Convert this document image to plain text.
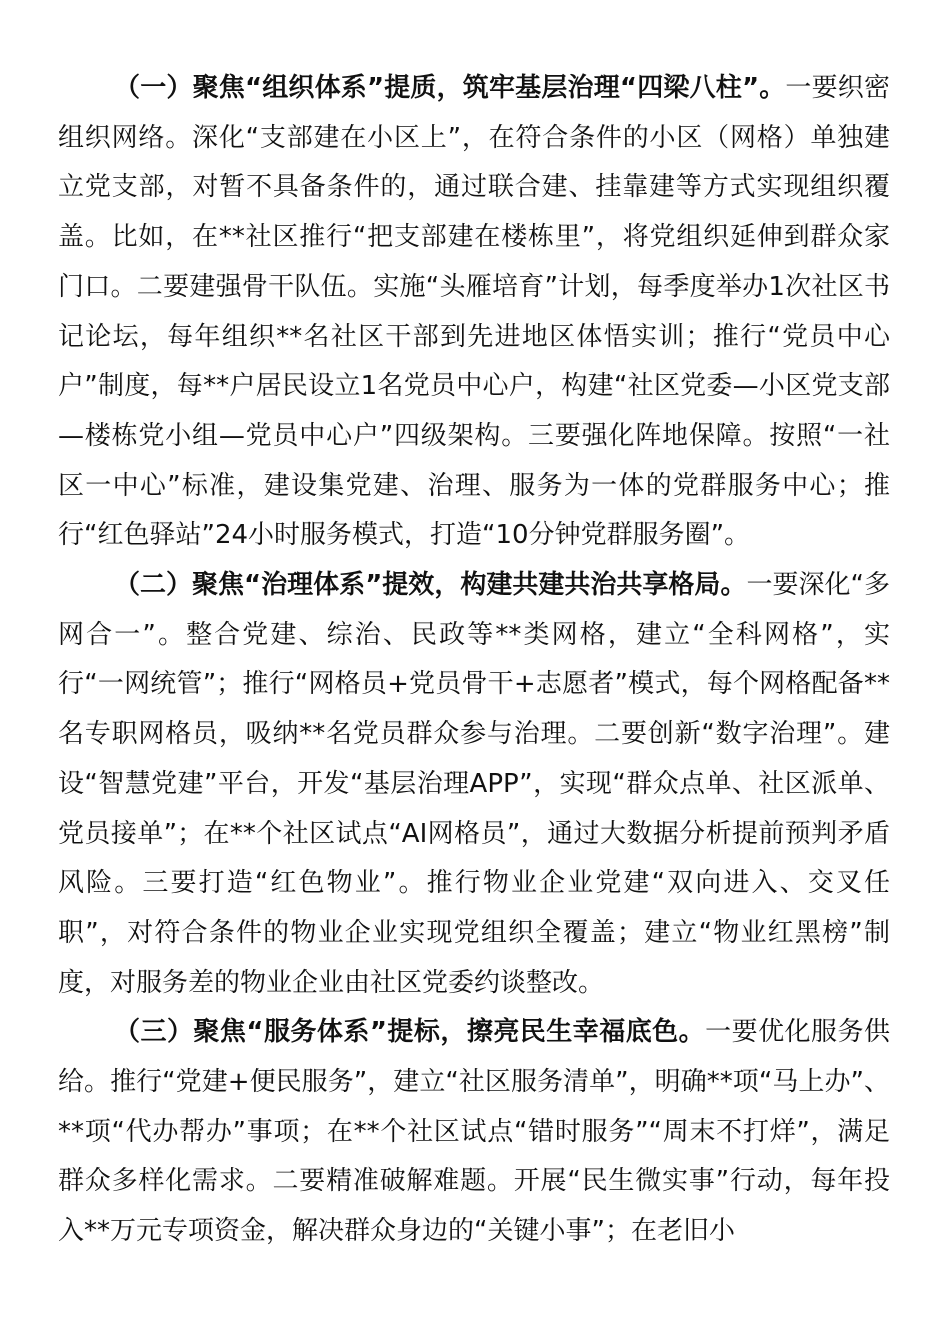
（一）聚焦“组织体系”提质，筑牢基层治理“四梁八柱”。一要织密组织网络。深化“支部建在小区上”，在符合条件的小区（网格）单独建立党支部，对暂不具备条件的，通过联合建、挂靠建等方式实现组织覆盖。比如，在**社区推行“把支部建在楼栋里”，将党组织延伸到群众家门口。二要建强骨干队伍。实施“头雁培育”计划，每季度举办1次社区书记论坛，每年组织**名社区干部到先进地区体悟实训；推行“党员中心户”制度，每**户居民设立1名党员中心户，构建“社区党委—小区党支部—楼栋党小组—党员中心户”四级架构。三要强化阵地保障。按照“一社区一中心”标准，建设集党建、治理、服务为一体的党群服务中心；推行“红色驿站”24小时服务模式，打造“10分钟党群服务圈”。

（二）聚焦“治理体系”提效，构建共建共治共享格局。一要深化“多网合一”。整合党建、综治、民政等**类网格，建立“全科网格”，实行“一网统管”；推行“网格员+党员骨干+志愿者”模式，每个网格配备**名专职网格员，吸纳**名党员群众参与治理。二要创新“数字治理”。建设“智慧党建”平台，开发“基层治理APP”，实现“群众点单、社区派单、党员接单”；在**个社区试点“AI网格员”，通过大数据分析提前预判矛盾风险。三要打造“红色物业”。推行物业企业党建“双向进入、交叉任职”，对符合条件的物业企业实现党组织全覆盖；建立“物业红黑榜”制度，对服务差的物业企业由社区党委约谈整改。

（三）聚焦“服务体系”提标，擦亮民生幸福底色。一要优化服务供给。推行“党建+便民服务”，建立“社区服务清单”，明确**项“马上办”、**项“代办帮办”事项；在**个社区试点“错时服务”“周末不打烊”，满足群众多样化需求。二要精准破解难题。开展“民生微实事”行动，每年投入**万元专项资金，解决群众身边的“关键小事”；在老旧小
